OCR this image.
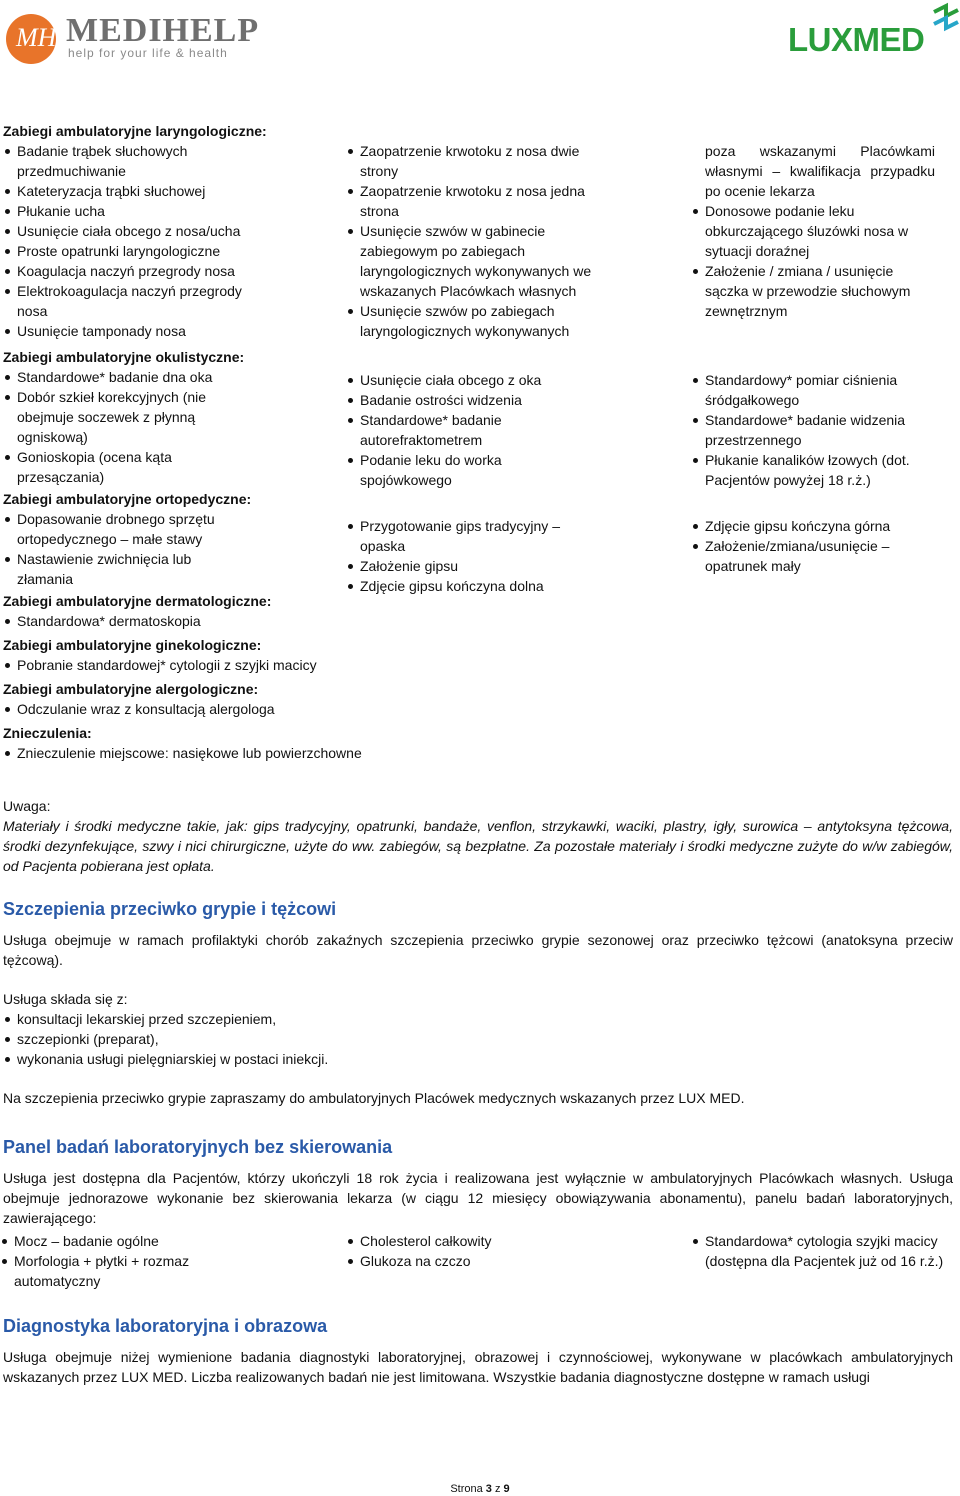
MH MEDIHELP
help for your life & health	LUXMED
Zabiegi ambulatoryjne laryngologiczne:
Badanie trąbek słuchowych przedmuchiwanie
Kateteryzacja trąbki słuchowej
Płukanie ucha
Usunięcie ciała obcego z nosa/ucha
Proste opatrunki laryngologiczne
Koagulacja naczyń przegrody nosa
Elektrokoagulacja naczyń przegrody nosa
Usunięcie tamponady nosa
Zabiegi ambulatoryjne okulistyczne:
Standardowe* badanie dna oka
Dobór szkieł korekcyjnych (nie obejmuje soczewek z płynną ogniskową)
Gonioskopia (ocena kąta przesączania)
Zabiegi ambulatoryjne ortopedyczne:
Dopasowanie drobnego sprzętu ortopedycznego – małe stawy
Nastawienie zwichnięcia lub złamania
Zabiegi ambulatoryjne dermatologiczne:
Standardowa* dermatoskopia
Zabiegi ambulatoryjne ginekologiczne:
Pobranie standardowej* cytologii z szyjki macicy
Zabiegi ambulatoryjne alergologiczne:
Odczulanie wraz z konsultacją alergologa
Znieczulenia:
Znieczulenie miejscowe: nasiękowe lub powierzchowne
Zaopatrzenie krwotoku z nosa dwie strony
Zaopatrzenie krwotoku z nosa jedna strona
Usunięcie szwów w gabinecie zabiegowym po zabiegach laryngologicznych wykonywanych we wskazanych Placówkach własnych
Usunięcie szwów po zabiegach laryngologicznych wykonywanych
Usunięcie ciała obcego z oka
Badanie ostrości widzenia
Standardowe* badanie autorefraktometrem
Podanie leku do worka spojówkowego
Przygotowanie gips tradycyjny – opaska
Założenie gipsu
Zdjęcie gipsu kończyna dolna
poza wskazanymi Placówkami własnymi – kwalifikacja przypadku po ocenie lekarza
Donosowe podanie leku obkurczającego śluzówki nosa w sytuacji doraźnej
Założenie / zmiana / usunięcie sączka w przewodzie słuchowym zewnętrznym
Standardowy* pomiar ciśnienia śródgałkowego
Standardowe* badanie widzenia przestrzennego
Płukanie kanalików łzowych (dot. Pacjentów powyżej 18 r.ż.)
Zdjęcie gipsu kończyna górna
Założenie/zmiana/usunięcie – opatrunek mały
Uwaga:

Materiały i środki medyczne takie, jak: gips tradycyjny, opatrunki, bandaże, venflon, strzykawki, waciki, plastry, igły, surowica – antytoksyna tężcowa, środki dezynfekujące, szwy i nici chirurgiczne, użyte do ww. zabiegów, są bezpłatne. Za pozostałe materiały i środki medyczne zużyte do w/w zabiegów, od Pacjenta pobierana jest opłata.

Szczepienia przeciwko grypie i tężcowi

Usługa obejmuje w ramach profilaktyki chorób zakaźnych szczepienia przeciwko grypie sezonowej oraz przeciwko tężcowi (anatoksyna przeciw tężcową).

Usługa składa się z:

konsultacji lekarskiej przed szczepieniem,
szczepionki (preparat),
wykonania usługi pielęgniarskiej w postaci iniekcji.

Na szczepienia przeciwko grypie zapraszamy do ambulatoryjnych Placówek medycznych wskazanych przez LUX MED.

Panel badań laboratoryjnych bez skierowania

Usługa jest dostępna dla Pacjentów, którzy ukończyli 18 rok życia i realizowana jest wyłącznie w ambulatoryjnych Placówkach własnych. Usługa obejmuje jednorazowe wykonanie bez skierowania lekarza (w ciągu 12 miesięcy obowiązywania abonamentu), panelu badań laboratoryjnych, zawierającego:

Mocz – badanie ogólne
Morfologia + płytki + rozmaz automatyczny
Cholesterol całkowity
Glukoza na czczo
Standardowa* cytologia szyjki macicy (dostępna dla Pacjentek już od 16 r.ż.)
Diagnostyka laboratoryjna i obrazowa

Usługa obejmuje niżej wymienione badania diagnostyki laboratoryjnej, obrazowej i czynnościowej, wykonywane w placówkach ambulatoryjnych wskazanych przez LUX MED. Liczba realizowanych badań nie jest limitowana. Wszystkie badania diagnostyczne dostępne w ramach usługi

Strona 3 z 9
